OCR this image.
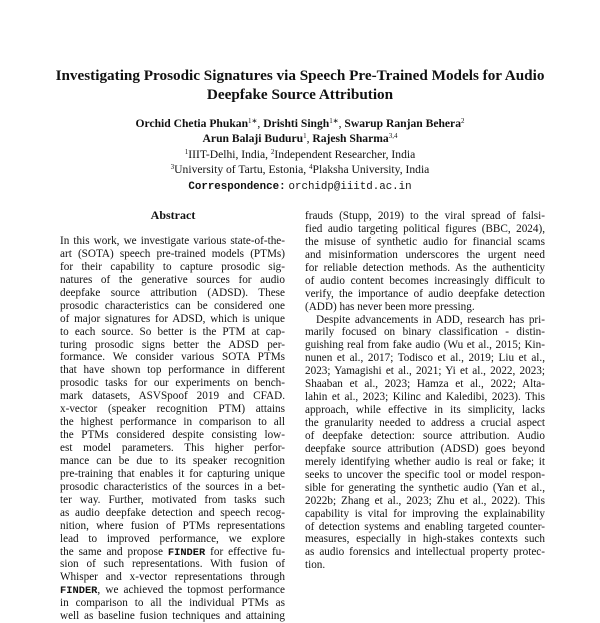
Investigating Prosodic Signatures via Speech Pre-Trained Models for Audio
Deepfake Source Attribution
Orchid Chetia Phukan$^{1∗}$, Drishti Singh$^{1∗}$, Swarup Ranjan Behera$^2$
Arun Balaji Buduru$^1$, Rajesh Sharma$^{3,4}$
$^1$IIIT-Delhi, India, $^2$Independent Researcher, India
$^3$University of Tartu, Estonia, $^4$Plaksha University, India
Correspondence: orchidp@iiitd.ac.in
Abstract
In this work, we investigate various state-of-the-
art (SOTA) speech pre-trained models (PTMs)
for their capability to capture prosodic sig-
natures of the generative sources for audio
deepfake source attribution (ADSD). These
prosodic characteristics can be considered one
of major signatures for ADSD, which is unique
to each source. So better is the PTM at cap-
turing prosodic signs better the ADSD per-
formance. We consider various SOTA PTMs
that have shown top performance in different
prosodic tasks for our experiments on bench-
mark datasets, ASVSpoof 2019 and CFAD.
x-vector (speaker recognition PTM) attains
the highest performance in comparison to all
the PTMs considered despite consisting low-
est model parameters. This higher perfor-
mance can be due to its speaker recognition
pre-training that enables it for capturing unique
prosodic characteristics of the sources in a bet-
ter way. Further, motivated from tasks such
as audio deepfake detection and speech recog-
nition, where fusion of PTMs representations
lead to improved performance, we explore
the same and propose FINDER for effective fu-
sion of such representations. With fusion of
Whisper and x-vector representations through
FINDER, we achieved the topmost performance
in comparison to all the individual PTMs as
well as baseline fusion techniques and attaining
frauds (Stupp, 2019) to the viral spread of falsi-
fied audio targeting political figures (BBC, 2024),
the misuse of synthetic audio for financial scams
and misinformation underscores the urgent need
for reliable detection methods. As the authenticity
of audio content becomes increasingly difficult to
verify, the importance of audio deepfake detection
(ADD) has never been more pressing.
Despite advancements in ADD, research has pri-
marily focused on binary classification - distin-
guishing real from fake audio (Wu et al., 2015; Kin-
nunen et al., 2017; Todisco et al., 2019; Liu et al.,
2023; Yamagishi et al., 2021; Yi et al., 2022, 2023;
Shaaban et al., 2023; Hamza et al., 2022; Alta-
lahin et al., 2023; Kilinc and Kaledibi, 2023). This
approach, while effective in its simplicity, lacks
the granularity needed to address a crucial aspect
of deepfake detection: source attribution. Audio
deepfake source attribution (ADSD) goes beyond
merely identifying whether audio is real or fake; it
seeks to uncover the specific tool or model respon-
sible for generating the synthetic audio (Yan et al.,
2022b; Zhang et al., 2023; Zhu et al., 2022). This
capability is vital for improving the explainability
of detection systems and enabling targeted counter-
measures, especially in high-stakes contexts such
as audio forensics and intellectual property protec-
tion.
